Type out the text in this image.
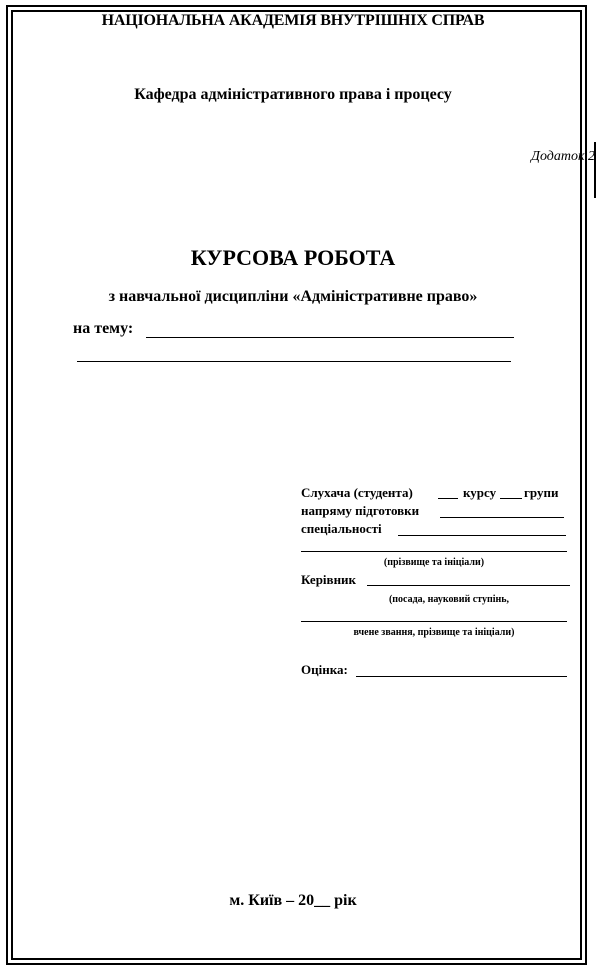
НАЦІОНАЛЬНА АКАДЕМІЯ ВНУТРІШНІХ СПРАВ
Кафедра адміністративного права і процесу
Додаток 2
КУРСОВА РОБОТА
з навчальної дисципліни «Адміністративне право»
на тему:
Слухача (студента)	курсу групи
напряму підготовки
спеціальності
(прізвище та ініціали)
Керівник
(посада, науковий ступінь,
вчене звання, прізвище та ініціали)
Оцінка:
м. Київ – 20__ рік
